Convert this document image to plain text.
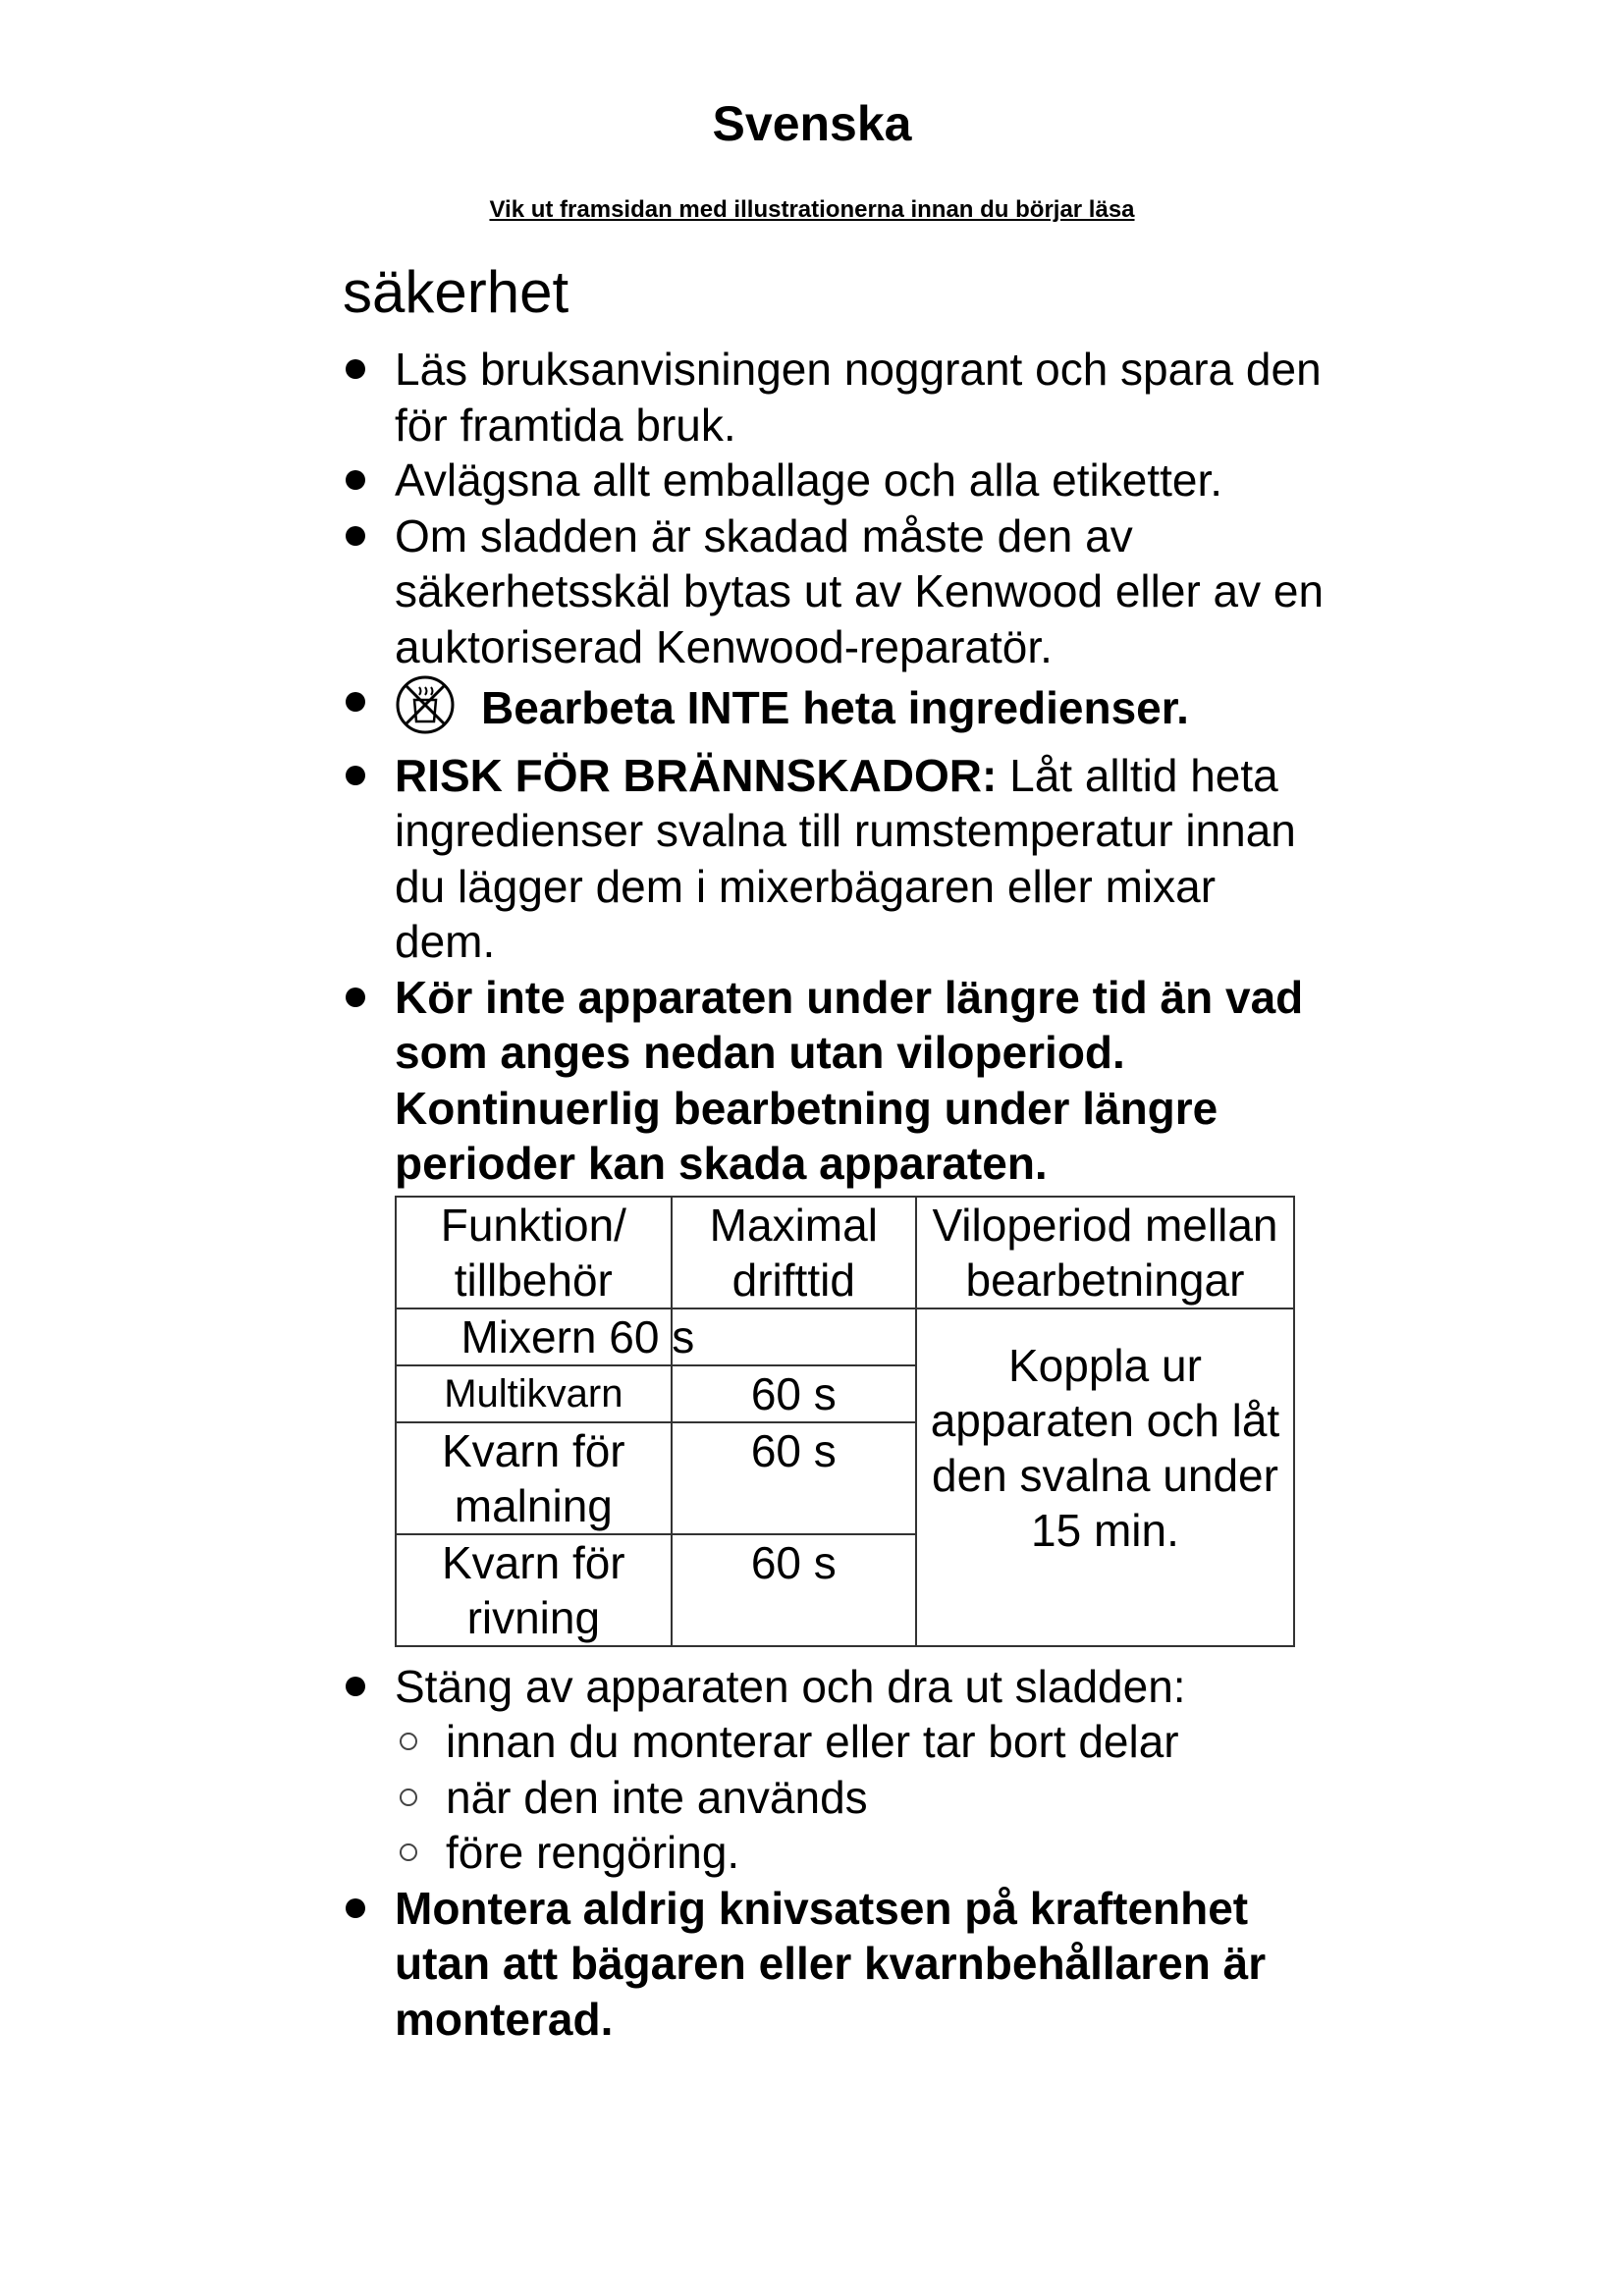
Svenska
Vik ut framsidan med illustrationerna innan du börjar läsa
säkerhet
Läs bruksanvisningen noggrant och spara den för framtida bruk.
Avlägsna allt emballage och alla etiketter.
Om sladden är skadad måste den av säkerhetsskäl bytas ut av Kenwood eller av en auktoriserad Kenwood-reparatör.
Bearbeta INTE heta ingredienser.
RISK FÖR BRÄNNSKADOR: Låt alltid heta ingredienser svalna till rumstemperatur innan du lägger dem i mixerbägaren eller mixar dem.
Kör inte apparaten under längre tid än vad som anges nedan utan viloperiod. Kontinuerlig bearbetning under längre perioder kan skada apparaten.
Funktion/ tillbehör	Maximal drifttid	Viloperiod mellan bearbetningar
Mixern 60 s		Koppla ur apparaten och låt den svalna under 15 min.
Multikvarn	60 s	
Kvarn för malning	60 s	
Kvarn för rivning	60 s	
Stäng av apparaten och dra ut sladden:
innan du monterar eller tar bort delar
när den inte används
före rengöring.
Montera aldrig knivsatsen på kraftenhet utan att bägaren eller kvarnbehållaren är monterad.
